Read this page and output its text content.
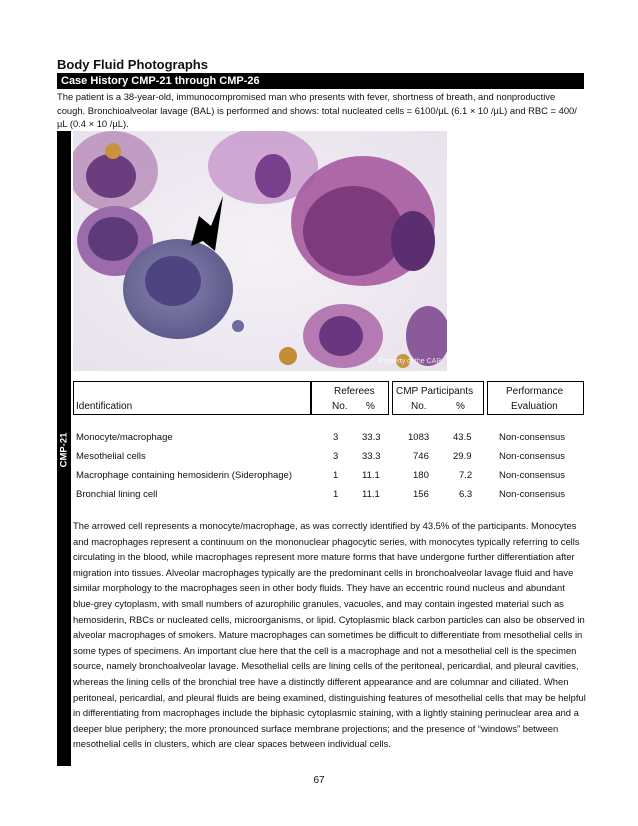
Body Fluid Photographs
Case History CMP-21 through CMP-26
The patient is a 38-year-old, immunocompromised man who presents with fever, shortness of breath, and nonproductive cough. Bronchioalveolar lavage (BAL) is performed and shows: total nucleated cells = 6100/µL (6.1 × 10 /µL) and RBC = 400/µL (0.4 × 10 /µL).
CMP-21
Property of the CAP
Identification
Referees
No. %
CMP Participants
No.	%
Performance
Evaluation
Monocyte/macrophage	3 33.3	1083	43.5	Non-consensus
Mesothelial cells	3 33.3	746	29.9	Non-consensus
Macrophage containing hemosiderin (Siderophage)	1 11.1	180	7.2	Non-consensus
Bronchial lining cell	1 11.1	156	6.3	Non-consensus
The arrowed cell represents a monocyte/macrophage, as was correctly identified by 43.5% of the participants. Monocytes and macrophages represent a continuum on the mononuclear phagocytic series, with monocytes typically referring to cells circulating in the blood, while macrophages represent more mature forms that have undergone further differentiation after migration into tissues. Alveolar macrophages typically are the predominant cells in bronchoalveolar lavage fluid and have similar morphology to the macrophages seen in other body fluids. They have an eccentric round nucleus and abundant blue-grey cytoplasm, with small numbers of azurophilic granules, vacuoles, and may contain ingested material such as hemosiderin, RBCs or nucleated cells, microorganisms, or lipid. Cytoplasmic black carbon particles can also be observed in alveolar macrophages of smokers. Mature macrophages can sometimes be difficult to differentiate from mesothelial cells in some types of specimens. An important clue here that the cell is a macrophage and not a mesothelial cell is the specimen source, namely bronchoalveolar lavage. Mesothelial cells are lining cells of the peritoneal, pericardial, and pleural cavities, whereas the lining cells of the bronchial tree have a distinctly different appearance and are columnar and ciliated. When peritoneal, pericardial, and pleural fluids are being examined, distinguishing features of mesothelial cells that may be helpful in differentiating from macrophages include the biphasic cytoplasmic staining, with a lightly staining perinuclear area and a deeper blue periphery; the more pronounced surface membrane projections; and the presence of “windows” between mesothelial cells in clusters, which are clear spaces between individual cells.
67
